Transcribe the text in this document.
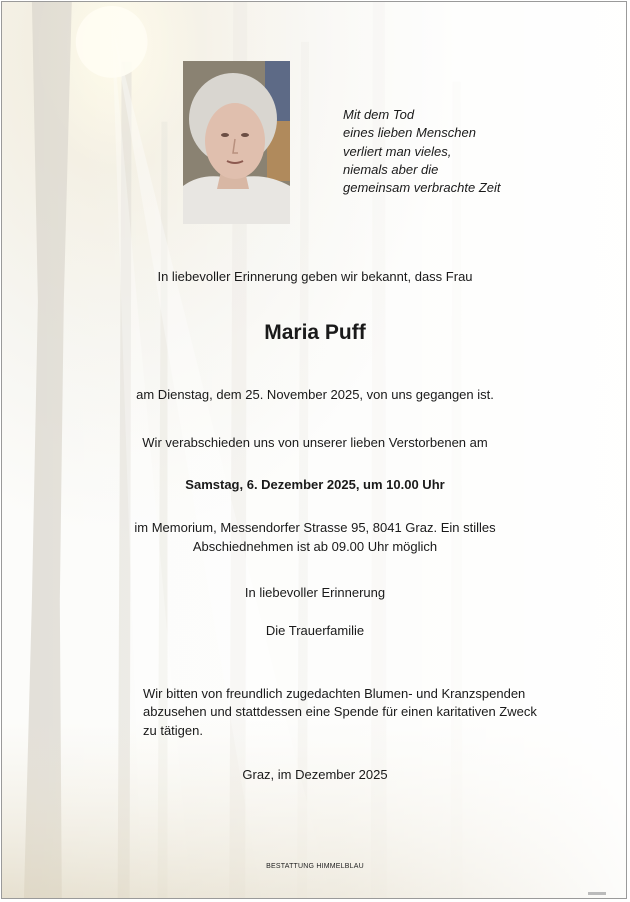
Mit dem Tod
eines lieben Menschen
verliert man vieles,
niemals aber die
gemeinsam verbrachte Zeit
In liebevoller Erinnerung geben wir bekannt, dass Frau
Maria Puff
am Dienstag, dem 25. November 2025, von uns gegangen ist.
Wir verabschieden uns von unserer lieben Verstorbenen am
Samstag, 6. Dezember 2025, um 10.00 Uhr
im Memorium, Messendorfer Strasse 95, 8041 Graz. Ein stilles
Abschiednehmen ist ab 09.00 Uhr möglich
In liebevoller Erinnerung
Die Trauerfamilie
Wir bitten von freundlich zugedachten Blumen- und Kranzspenden
abzusehen und stattdessen eine Spende für einen karitativen Zweck
zu tätigen.
Graz, im Dezember 2025
BESTATTUNG HIMMELBLAU
